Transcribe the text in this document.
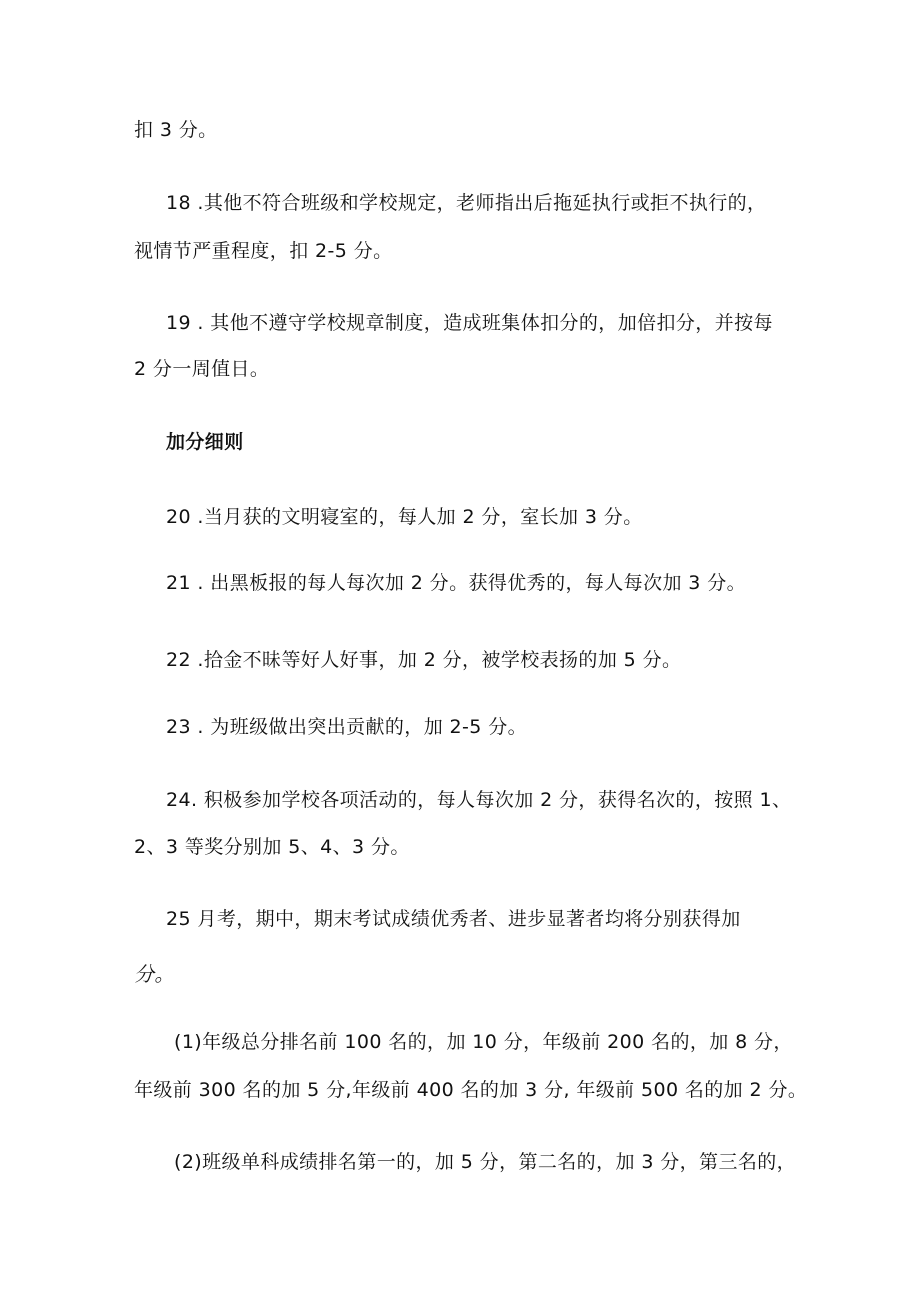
扣 3 分。
18 .其他不符合班级和学校规定，老师指出后拖延执行或拒不执行的，
视情节严重程度，扣 2-5 分。
19 . 其他不遵守学校规章制度，造成班集体扣分的，加倍扣分，并按每
2 分一周值日。
加分细则
20 .当月获的文明寝室的，每人加 2 分，室长加 3 分。
21 . 出黑板报的每人每次加 2 分。获得优秀的，每人每次加 3 分。
22 .拾金不昧等好人好事，加 2 分，被学校表扬的加 5 分。
23 . 为班级做出突出贡献的，加 2-5 分。
24. 积极参加学校各项活动的，每人每次加 2 分，获得名次的，按照 1、
2、3 等奖分别加 5、4、3 分。
25 月考，期中，期末考试成绩优秀者、进步显著者均将分别获得加
分。
(1)年级总分排名前 100 名的，加 10 分，年级前 200 名的，加 8 分，
年级前 300 名的加 5 分,年级前 400 名的加 3 分, 年级前 500 名的加 2 分。
(2)班级单科成绩排名第一的，加 5 分，第二名的，加 3 分，第三名的，
